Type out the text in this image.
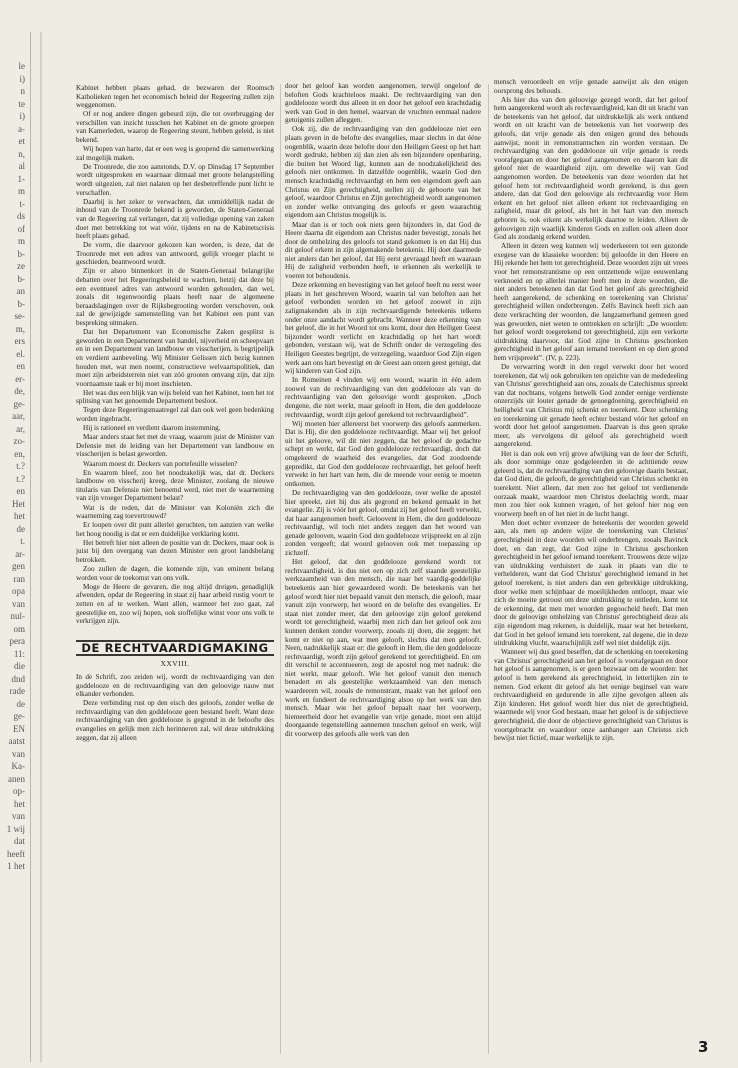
le
i)
n
te
i)
a-
et
n,
al
1-
m
t-
ds
of
m
b-
ze
b-
an
b-
se-
m,
ers
el.
en
er-
de,
ge-
aar,
ar,
zo-
en,
t.?
t.?
en
Het
het
de
t.
ar-
gen
ran
opa
van
nul-
om
pera
11:
die
dnd
rade
de
ge-
EN
aatst
van
Ka-
anen
op-
het
van
1 wij
dat
heeft
1 het

Kabinet hebben plaats gehad, de bezwaren der Roomsch Katholieken tegen het economisch beleid der Regeering zullen zijn weggenomen.

Of er nog andere dingen gebeurd zijn, die tot overbrugging der verschillen van inzicht tusschen het Kabinet en de groote groepen van Kamerleden, waarop de Regeering steunt, hebben geleid, is niet bekend.

Wij hopen van harte, dat er een weg is geopend die samenwerking zal mogelijk maken.

De Troonrede, die zoo aanstonds, D.V. op Dinsdag 17 September wordt uitgesproken en waarnaar ditmaal met groote belangstelling wordt uitgezien, zal niet nalaten op het desbetreffende punt licht te verschaffen.

Daarbij is het zeker te verwachten, dat onmiddellijk nadat de inhoud van de Troonrede bekend is geworden, de Staten-Generaal van de Regeering zal verlangen, dat zij volledige opening van zaken doet met betrekking tot wat vóór, tijdens en na de Kabinetscrisis heeft plaats gehad.

De vorm, die daarvoor gekozen kan worden, is deze, dat de Troonrede met een adres van antwoord, gelijk vroeger placht te geschieden, beantwoord wordt.

Zijn er alsoo binnenkort in de Staten-Generaal belangrijke debatten over het Regeeringsbeleid te wachten, hetzij dat deze bij een eventueel adres van antwoord worden gehouden, dan wel, zooals dit tegenwoordig plaats heeft naar de algemeene beraadslagingen over de Rijksbegrooting worden verschoven, ook zal de gewijzigde samenstelling van het Kabinet een punt van bespreking uitmaken.

Dat het Departement van Economische Zaken gesplitst is geworden in een Departement van handel, nijverheid en scheepvaart en in een Departement van landbouw en visscherijen, is begrijpelijk en verdient aanbeveling. Wij Minister Gelissen zich bezig kunnen houden met, wat men noemt, constructieve welvaartspolitiek, dan moet zijn arbeidsterrein niet van zóó grooten omvang zijn, dat zijn voornaamste taak er bij moet inschieten.

Het was dus een blijk van wijs beleid van het Kabinet, toen het tot splitsing van het genoemde Departement besloot.

Tegen deze Regeeringsmaatregel zal dan ook wel geen bedenking worden ingebracht.

Hij is rationeel en verdient daarom instemming.

Maar anders staat het met de vraag, waarom juist de Minister van Defensie met de leiding van het Departement van landbouw en visscherijen is belast geworden.

Waarom moest dr. Deckers van portefeuille wisselen?

En waarom bleef, zoo het noodzakelijk was, dat dr. Deckers landbouw en visscherij kreeg, deze Minister, zoolang de nieuwe titularis van Defensie niet benoemd werd, niet met de waarneming van zijn vroeger Departement belast?

Wat is de reden, dat de Minister van Koloniën zich die waarneming zag toevertrouwd?

Er loopen over dit punt allerlei geruchten, ten aanzien van welke het hoog noodig is dat er een duidelijke verklaring komt.

Het betreft hier niet alleen de positie van dr. Deckers, maar ook is juist bij den overgang van dezen Minister een groot landsbelang betrokken.

Zoo zullen de dagen, die komende zijn, van eminent belang worden voor de toekomst van ons volk.

Moge de Heere de gevaren, die nog altijd dreigen, genadiglijk afwenden, opdat de Regeering in staat zij haar arbeid rustig voort te zetten en af te werken. Want allen, wanneer het zoo gaat, zal geestelijke en, zoo wij hopen, ook stoffelijke winst voor ons volk te verkrijgen zijn.

DE RECHTVAARDIGMAKING
XXVIII.

In de Schrift, zoo zeiden wij, wordt de rechtvaardiging van den goddelooze en de rechtvaardiging van den geloovige nauw met elkander verbonden.

Deze verbinding rust op den eisch des geloofs, zonder welke de rechtvaardiging van den goddelooze geen bestand heeft. Want deze rechtvaardiging van den goddelooze is gegrond in de beloofte des evangelies en gelijk men zich herinneren zal, wil deze uitdrukking zeggen, dat zij alleen

door het geloof kan worden aangenomen, terwijl ongeloof de beloften Gods krachteloos maakt. De rechtvaardiging van den goddelooze wordt dus alleen in en door het geloof een krachtdadig werk van God in den hemel, waarvan de vruchten eenmaal nadere getuigenis zullen afleggen.

Ook zij, die de rechtvaardiging van den goddelooze niet een plaats geven in de belofte des evangelies, maar slechts in dat ééne oogenblik, waarin deze belofte door den Heiligen Geest op het hart wordt gedrukt, hebben zij dan zien als een bijzondere openbaring, die buiten het Woord ligt, kunnen aan de noodzakelijkheid des geloofs niet ontkomen. In datzelfde oogenblik, waarin God den mensch krachtdadig rechtvaardigt en hem een eigendom geeft aan Christus en Zijn gerechtigheid, stellen zij de geboorte van het geloof, waardoor Christus en Zijn gerechtigheid wordt aangenomen en zonder welke ontvanging des geloofs er geen waarachtig eigendom aan Christus mogelijk is.

Maar dan is er toch ook niets geen bijzonders in, dat God de Heere daarna dit eigendom aan Christus nader bevestigt, zooals het door de omhelzing des geloofs tot stand gekomen is en dat Hij dus dit geloof erkent in zijn algemakende betekenis. Hij doet daarmede niet anders dan het geloof, dat Hij eerst gevraagd heeft en waaraan Hij de zaligheid verbonden heeft, te erkennen als werkelijk te voeren tot behoudenis.

Deze erkenning en bevestiging van het geloof heeft nu eerst weer plaats in het geschreven Woord, waarin tal van beloften aan het geloof verbonden worden en het geloof zoowel in zijn zaligmakenden als in zijn rechtvaardigende beteekenis telkens onder onze aandacht wordt gebracht. Wanneer deze erkenning van het geloof, die in het Woord tot ons komt, door den Heiligen Geest bijzonder wordt verlicht en krachtdadig op het hart wordt gebonden, verstaan wij, wat de Schrift onder de verzegeling des Heiligen Geestes begrijpt, de verzegeling, waardoor God Zijn eigen werk aan ons hart bevestigt en de Geest aan onzen geest getuigt, dat wij kinderen van God zijn.

In Romeinen 4 vinden wij een woord, waarin in één adem zoowel van de rechtvaardiging van den goddelooze als van de rechtvaardiging van den geloovige wordt gesproken. „Doch dengene, die niet werkt, maar gelooft in Hem, die den goddelooze rechtvaardigt, wordt zijn geloof gerekend tot rechtvaardigheid”.

Wij moeten hier allereerst het voorwerp des geloofs aanmerken. Dat is Hij, die den goddelooze rechtvaardigt. Maar wij het geloof uit het geloove, wil dit niet zeggen, dat het geloof de gedachte schept en werkt, dat God den goddelooze rechtvaardigt, doch dat omgekeerd de waarheid des evangelies, dat God zoodoende gepredikt, dat God den goddelooze rechtvaardigt, het geloof heeft verwekt in het hart van hem, die de meende voor eenig te moeten ontkomen.

De rechtvaardiging van den goddelooze, over welke de apostel hier spreekt, ziet hij dus als gegrond en bekend gemaakt in het evangelie. Zij is vóór het geloof, omdat zij het geloof heeft verwekt, dat haar aangenomen heeft. Geloovent in Hem, die den goddelooze rechtvaardigt, wil toch niet anders zeggen dan het woord van genade gelooven, waarin God den goddelooze vrijspreekt en al zijn zonden vergeeft; dat woord gelooven ook met toepassing op zichzelf.

Het geloof, dat den goddelooze gerekend wordt tot rechtvaardigheid, is dus niet een op zich zelf staande geestelijke werkzaamheid van den mensch, die naar het vaardig-goddelijke beteekenis aan hier gewaardeerd wordt. De beteekenis van het geloof wordt hier niet bepaald vanuit den mensch, die gelooft, maar vanuit zijn voorwerp, het woord en de belofte des evangelies. Er staat niet zonder meer, dat den geloovige zijn geloof gerekend wordt tot gerechtigheid, waarbij men zich dan het geloof ook zou kunnen denken zonder voorwerp, zooals zij doen, die zeggen: het komt er niet op aan, wat men gelooft, slechts dat men gelooft. Neen, nadrukkelijk staat er: die gelooft in Hem, die den goddelooze rechtvaardigt, wordt zijn geloof gerekend tot gerechtigheid. En om dit verschil te accentueeren, zegt de apostel nog met nadruk: die niet werkt, maar gelooft. Wie het geloof vanuit den mensch benadert en als geestelijke werkzaamheid van den mensch waardeeren wil, zooals de remonstrant, maakt van het geloof een werk en fundeert de rechtvaardiging alsoo op het werk van den mensch. Maar wie het geloof bepaalt naar het voorwerp, hiemeerheid door het evangelie van vrije genade, moet een altijd doorgaande tegenstelling aannemen tusschen geloof en werk, wijl dit voorwerp des geloofs alle werk van den

mensch veroordeelt en vrije genade aanwijst als den enigen oorsprong des behouds.

Als hier dus van den geloovige gezegd wordt, dat het geloof hem aangerekend wordt als rechtvaardigheid, kan dit uit kracht van de beteekenis van het geloof, dat uitdrukkelijk als werk ontkend wordt en uit kracht van de beteekenis van het voorwerp des geloofs, dat vrije genade als den enigen grond des behouds aanwijst, nooit in remonstrantschen zin worden verstaan. De rechtvaardiging van den goddelooze uit vrije genade is reeds voorafgegaan en door het geloof aangenomen en daarom kan dit geloof niet de waardigheid zijn, om dewelke wij van God aangenomen worden. De beteekenis van deze woorden dat het geloof hem tot rechtvaardigheid wordt gerekend, is dus geen andere, dan dat God den geloovige als rechtvaardig voor Hem erkent en het geloof niet alleen erkent tot rechtvaardiging en zaligheid, maar dit geloof, als het in het hart van den mensch geboren is, ook erkent als werkelijk daartoe te leiden. Alleen de geloovigen zijn waarlijk kinderen Gods en zullen ook alleen door God als zoodanig erkend worden.

Alleen in dezen weg kunnen wij wederkeeren tot een gezonde exegese van de klassieke woorden: bij geloofde in den Heere en Hij rekende het hem tot gerechtigheid. Deze woorden zijn uit vrees voor het remonstrantisme op een ontzettende wijze eeuwenlang verknoeid en op allerlei manier heeft men in deze woorden, die niet anders beteekenen dan dat God het geloof als gerechtigheid heeft aangerekend, de schenking en toerekening van Christus' gerechtigheid willen onderbrengen. Zelfs Bavinck heeft zich aan deze verkrachting der woorden, die langzamerhand gemeen goed was geworden, niet weten te onttrekken en schrijft: „De woorden: het geloof wordt toegerekend tot gerechtigheid, zijn een verkorte uitdrukking daarvoor, dat God zijne in Christus geschonken gerechtigheid in het geloof aan iemand toerekent en op dien grond hem vrijspreekt”. (IV, p. 223).

De verwarring wordt in den regel verwekt door het woord toerekenen, dat wij ook gebruiken ten opzichte van de mededeeling van Christus' gerechtigheid aan ons, zooals de Catechismus spreekt van dat nochtans, volgens hetwelk God zonder eenige verdienste onzerzijds uit louter genade de genoegdoening, gerechtigheid en heiligheid van Christus mij schenkt en toerekent. Deze schenking en toerekening uit genade heeft echter bestand vóór het geloof en wordt door het geloof aangenomen. Daarvan is dus geen sprake meer, als vervolgens dit geloof als gerechtigheid wordt aangerekend.

Het is dan ook een vrij grove afwijking van de leer der Schrift, als door sommige onze godgeleerden in de achttiende eeuw geleerd is, dat de rechtvaardiging van den geloovige daarin bestaat, dat God dien, die gelooft, de gerechtigheid van Christus schenkt en toerekent. Niet alleen, dat men zoo het geloof tot verdienende oorzaak maakt, waardoor men Christus deelachtig wordt, maar men zou hier ook kunnen vragen, of het geloof hier nog een voorwerp heeft en of het niet in de lucht hangt.

Men doet echter evenzeer de beteekenis der woorden geweld aan, als men op andere wijze de toerekening van Christus' gerechtigheid in deze woorden wil onderbrengen, zooals Bavinck doet, en dan zegt, dat God zijne in Christus geschonken gerechtigheid in het geloof iemand toerekent. Trouwens deze wijze van uitdrukking verduistert de zaak in plaats van die te verhelderen, want dat God Christus' gerechtigheid iemand in het geloof toerekent, is niet anders dan een gebrekkige uitdrukking, door welke men schijnbaar de moeilijkheden ontloopt, maar wie zich de moeite getroost om deze uitdrukking te ontleden, komt tot de erkenning, dat men met woorden gegoocheld heeft. Dat men door de geloovige omhelzing van Christus' gerechtigheid deze als zijn eigendom mag rekenen, is duidelijk, maar wat het beteekent, dat God in het geloof iemand iets toerekent, zal degene, die in deze uitdrukking vlucht, waarschijnlijk zelf wel niet duidelijk zijn.

Wanneer wij dus goed beseffen, dat de schenking en toerekening van Christus' gerechtigheid aan het geloof is voorafgegaan en door het geloof is aangenomen, is er geen bezwaar om de woorden: het geloof is hem gerekend als gerechtigheid, in letterlijken zin te nemen. God erkent dit geloof als het eenige beginsel van ware rechtvaardigheid en gedurende in alle zijne gevolgen alleen als Zijn kinderen. Het geloof wordt hier dus niet de gerechtigheid, waarmede wij voor God bestaan, maar het geloof is de subjectieve gerechtigheid, die door de objectieve gerechtigheid van Christus is voortgebracht en waardoor onze aanhanger aan Christus zich bewijst niet fictief, maar werkelijk te zijn.

3
